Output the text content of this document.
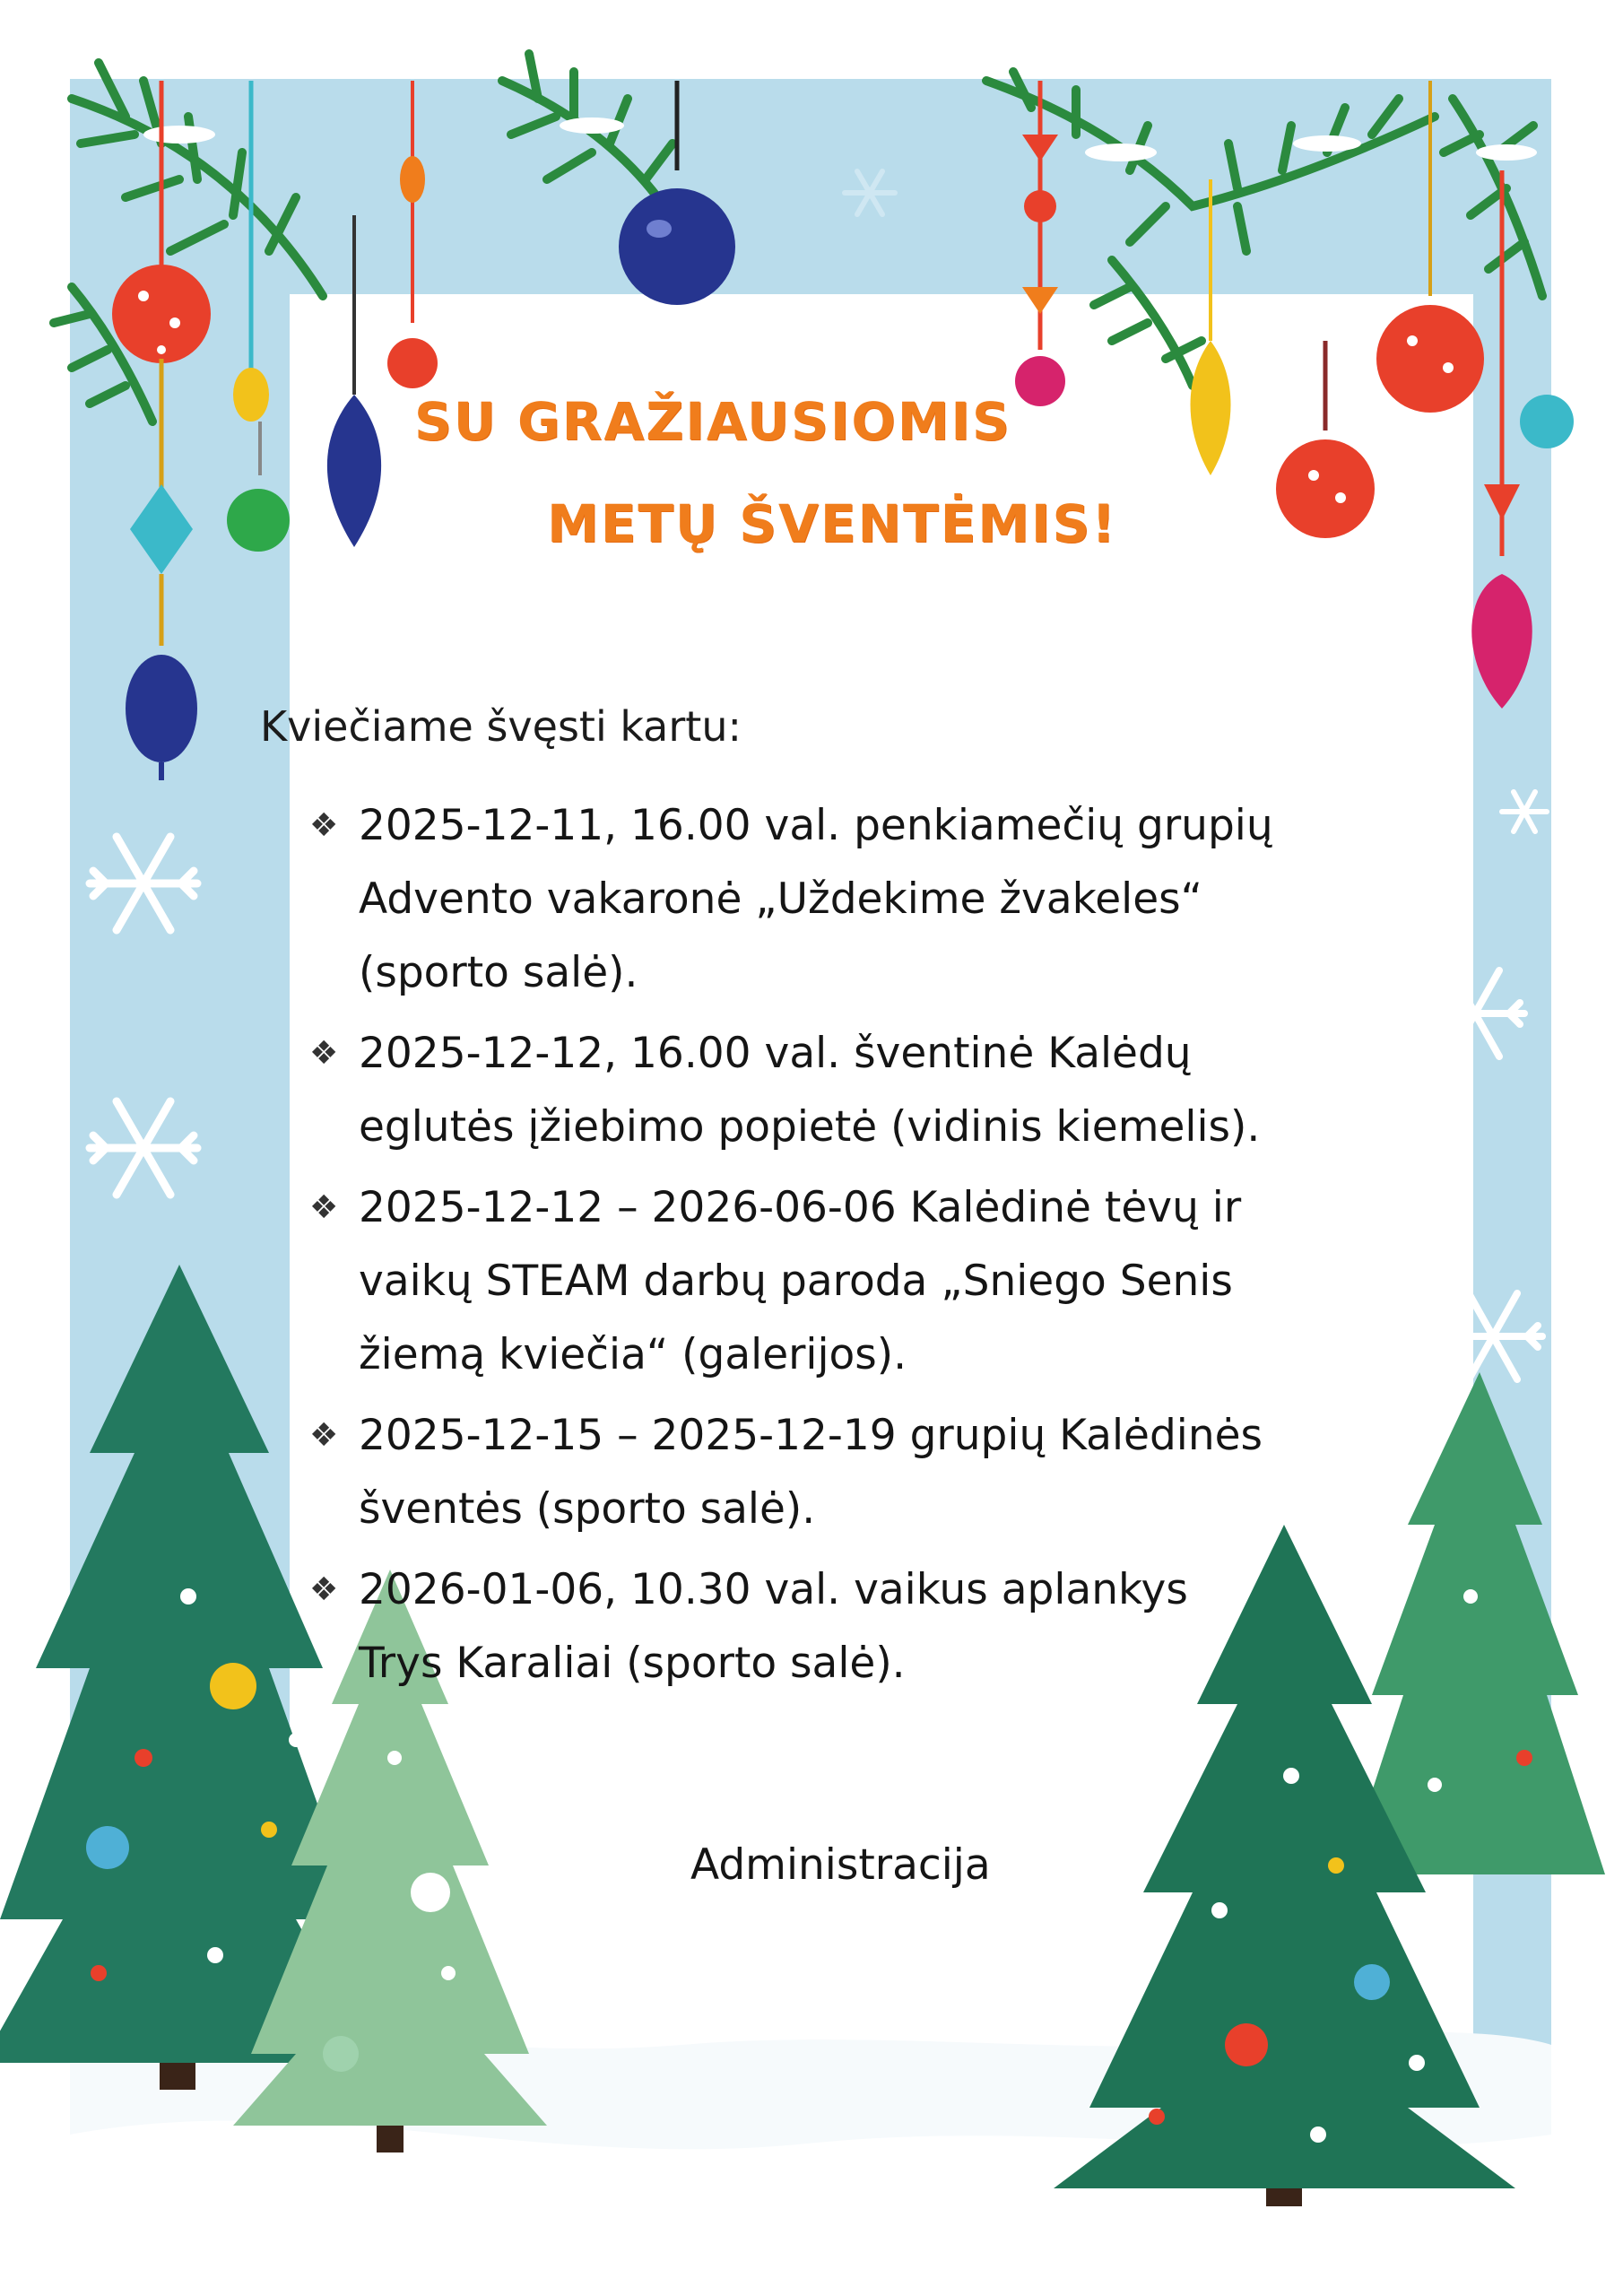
SU GRAŽIAUSIOMIS
METŲ ŠVENTĖMIS!

Kviečiame švęsti kartu:

❖ 2025-12-11, 16.00 val. penkiamečių grupių
Advento vakaronė „Uždekime žvakeles“
(sporto salė).
❖ 2025-12-12, 16.00 val. šventinė Kalėdų
eglutės įžiebimo popietė (vidinis kiemelis).
❖ 2025-12-12 – 2026-06-06 Kalėdinė tėvų ir
vaikų STEAM darbų paroda „Sniego Senis
žiemą kviečia“ (galerijos).
❖ 2025-12-15 – 2025-12-19 grupių Kalėdinės
šventės (sporto salė).
❖ 2026-01-06, 10.30 val. vaikus aplankys
Trys Karaliai (sporto salė).

Administracija
